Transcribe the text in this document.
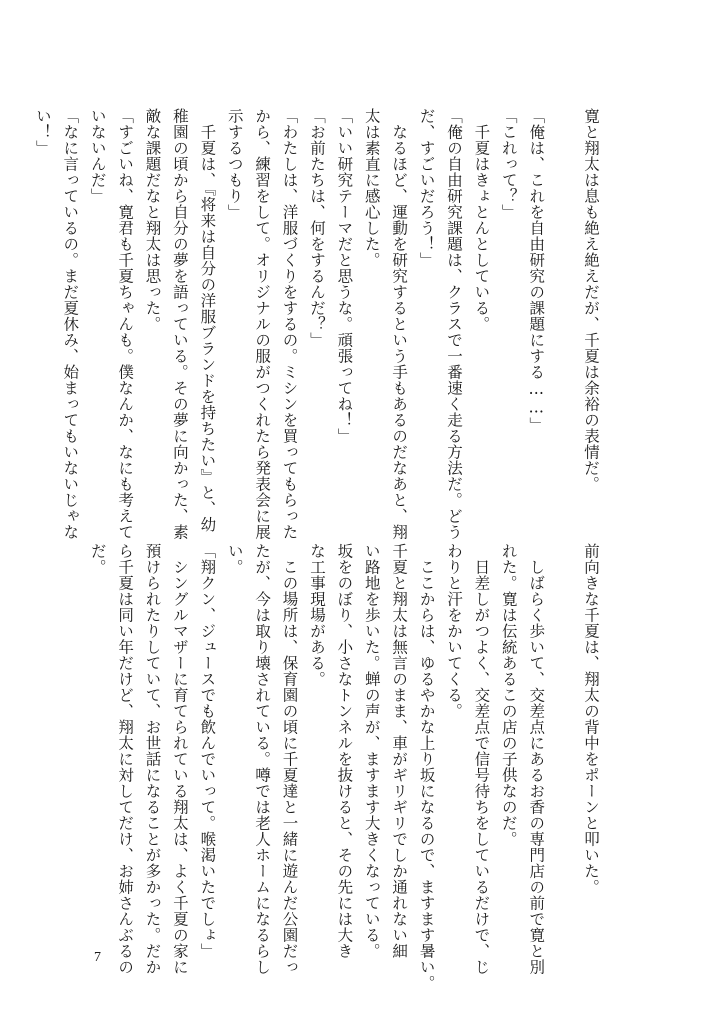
寛と翔太は息も絶え絶えだが、千夏は余裕の表情だ。

「俺は、これを自由研究の課題にする……」
「これって？」
　千夏はきょとんとしている。
「俺の自由研究課題は、クラスで一番速く走る方法だ。どう
だ、すごいだろう！」
　なるほど、運動を研究するという手もあるのだなあと、翔
太は素直に感心した。
「いい研究テーマだと思うな。頑張ってね！」
「お前たちは、何をするんだ？」
「わたしは、洋服づくりをするの。ミシンを買ってもらった
から、練習をして。オリジナルの服がつくれたら発表会に展
示するつもり」
　千夏は、『将来は自分の洋服ブランドを持ちたい』と、幼
稚園の頃から自分の夢を語っている。その夢に向かった、素
敵な課題だなと翔太は思った。
「すごいね、寛君も千夏ちゃんも。僕なんか、なにも考えて
いないんだ」
「なに言っているの。まだ夏休み、始まってもいないじゃな
い！」
前向きな千夏は、翔太の背中をポーンと叩いた。

　しばらく歩いて、交差点にあるお香の専門店の前で寛と別
れた。寛は伝統あるこの店の子供なのだ。
　日差しがつよく、交差点で信号待ちをしているだけで、じ
わりと汗をかいてくる。
　ここからは、ゆるやかな上り坂になるので、ますます暑い。
千夏と翔太は無言のまま、車がギリギリでしか通れない細
い路地を歩いた。蝉の声が、ますます大きくなっている。
坂をのぼり、小さなトンネルを抜けると、その先には大き
な工事現場がある。
　この場所は、保育園の頃に千夏達と一緒に遊んだ公園だっ
たが、今は取り壊されている。噂では老人ホームになるらし
い。
「翔クン、ジュースでも飲んでいって。喉渇いたでしょ」
　シングルマザーに育てられている翔太は、よく千夏の家に
預けられたりしていて、お世話になることが多かった。だか
ら千夏は同い年だけど、翔太に対してだけ、お姉さんぶるの
だ。
7
